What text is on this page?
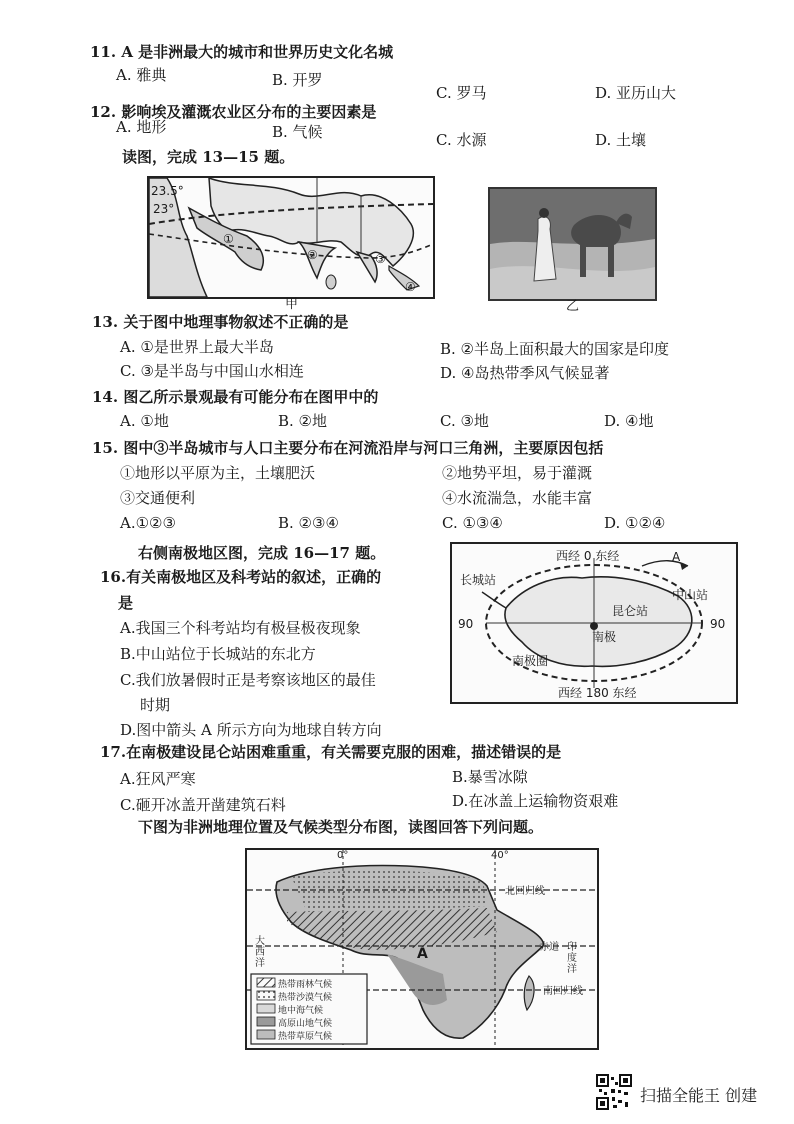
11. A 是非洲最大的城市和世界历史文化名城
A. 雅典	B. 开罗
C. 罗马	D. 亚历山大
12. 影响埃及灌溉农业区分布的主要因素是
A. 地形	B. 气候	C. 水源	D. 土壤
读图，完成 13—15 题。
23.5°
23°
①
②	③
④
甲	乙
13. 关于图中地理事物叙述不正确的是
A. ①是世界上最大半岛	B. ②半岛上面积最大的国家是印度
C. ③是半岛与中国山水相连	D. ④岛热带季风气候显著
14. 图乙所示景观最有可能分布在图甲中的
A. ①地	B. ②地	C. ③地	D. ④地
15. 图中③半岛城市与人口主要分布在河流沿岸与河口三角洲，主要原因包括
①地形以平原为主，土壤肥沃	②地势平坦，易于灌溉
③交通便利	④水流湍急，水能丰富
A.①②③	B. ②③④	C. ①③④	D. ①②④
右侧南极地区图，完成 16—17 题。	西经 0 东经
西经 180 东经
90	90
A
长城站
中山站
昆仑站
南极
南极圈
16.有关南极地区及科考站的叙述，正确的
是
A.我国三个科考站均有极昼极夜现象
B.中山站位于长城站的东北方
C.我们放暑假时正是考察该地区的最佳
时期
D.图中箭头 A 所示方向为地球自转方向
17.在南极建设昆仑站困难重重，有关需要克服的困难，描述错误的是
A.狂风严寒	B.暴雪冰隙
C.砸开冰盖开凿建筑石料	D.在冰盖上运输物资艰难
下图为非洲地理位置及气候类型分布图，读图回答下列问题。
0°	40°
北回归线
赤道
南回归线
大西洋
印度洋
A
热带雨林气候
热带沙漠气候
地中海气候
高原山地气候
热带草原气候
扫描全能王 创建
